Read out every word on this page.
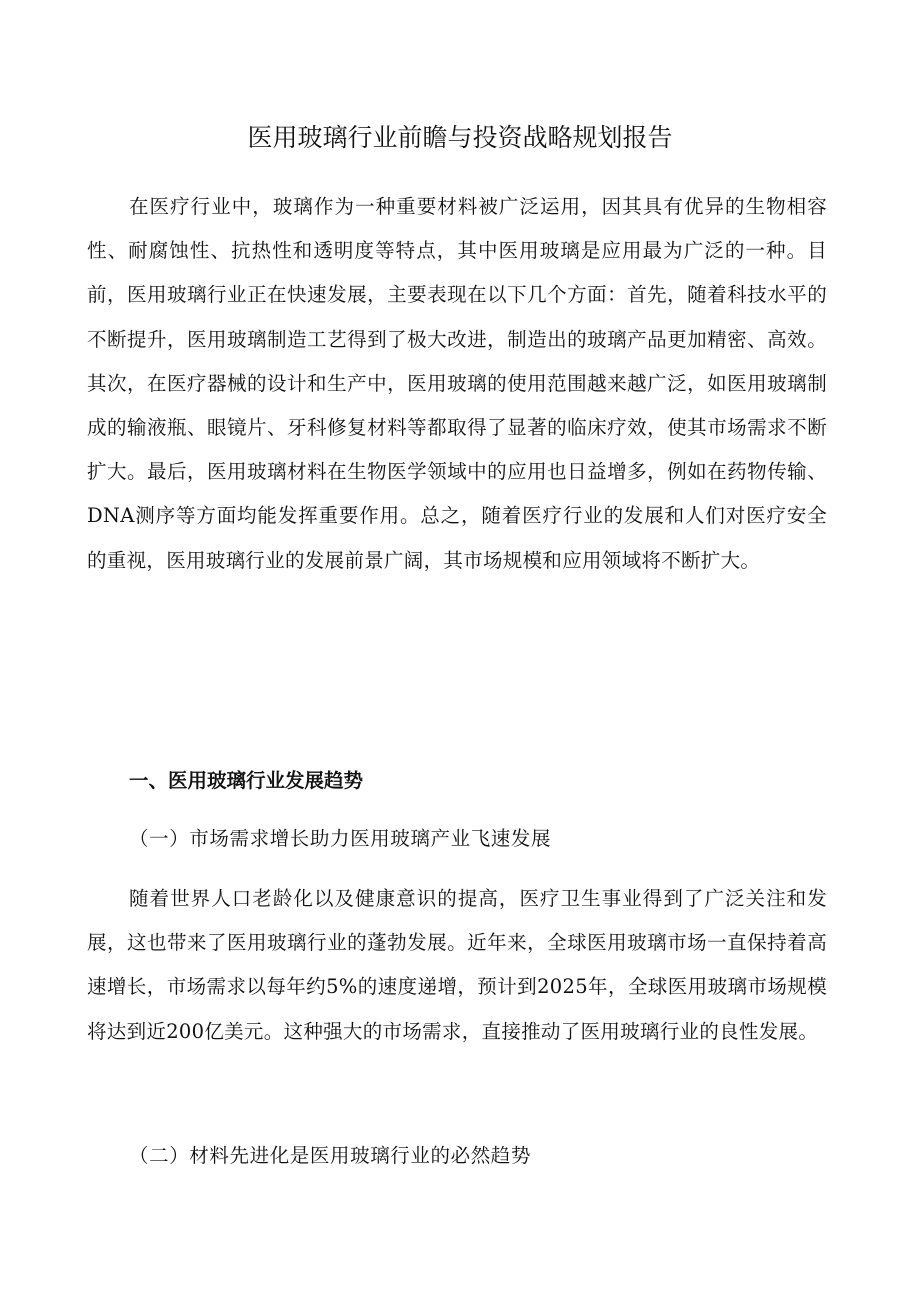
医用玻璃行业前瞻与投资战略规划报告

在医疗行业中，玻璃作为一种重要材料被广泛运用，因其具有优异的生物相容性、耐腐蚀性、抗热性和透明度等特点，其中医用玻璃是应用最为广泛的一种。目前，医用玻璃行业正在快速发展，主要表现在以下几个方面：首先，随着科技水平的不断提升，医用玻璃制造工艺得到了极大改进，制造出的玻璃产品更加精密、高效。其次，在医疗器械的设计和生产中，医用玻璃的使用范围越来越广泛，如医用玻璃制成的输液瓶、眼镜片、牙科修复材料等都取得了显著的临床疗效，使其市场需求不断扩大。最后，医用玻璃材料在生物医学领域中的应用也日益增多，例如在药物传输、DNA测序等方面均能发挥重要作用。总之，随着医疗行业的发展和人们对医疗安全的重视，医用玻璃行业的发展前景广阔，其市场规模和应用领域将不断扩大。

一、医用玻璃行业发展趋势
（一）市场需求增长助力医用玻璃产业飞速发展

随着世界人口老龄化以及健康意识的提高，医疗卫生事业得到了广泛关注和发展，这也带来了医用玻璃行业的蓬勃发展。近年来，全球医用玻璃市场一直保持着高速增长，市场需求以每年约5%的速度递增，预计到2025年，全球医用玻璃市场规模将达到近200亿美元。这种强大的市场需求，直接推动了医用玻璃行业的良性发展。

（二）材料先进化是医用玻璃行业的必然趋势
